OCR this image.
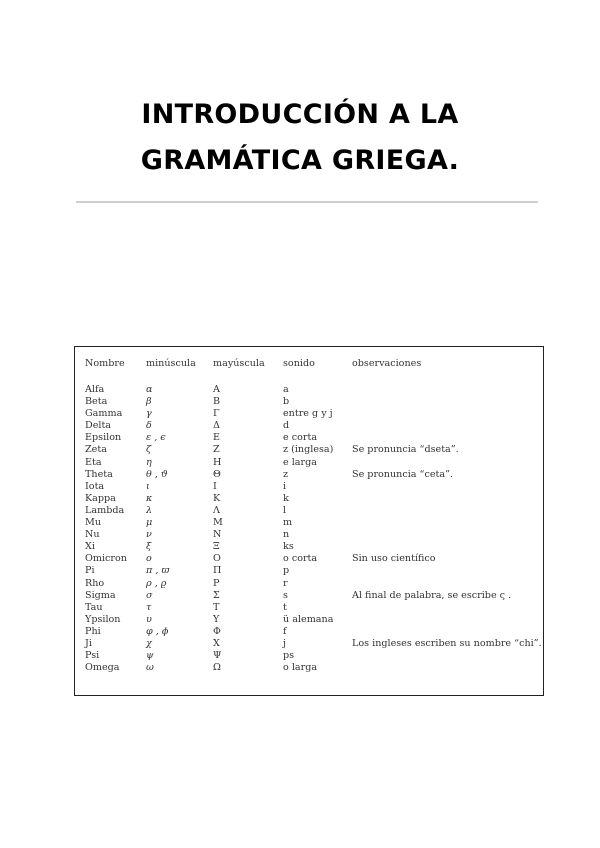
INTRODUCCIÓN A LA
GRAMÁTICA GRIEGA.
Nombre	minúscula	mayúscula	sonido	observaciones

Alfa	α	A	a	
Beta	β	B	b	
Gamma	γ	Γ	entre g y j	
Delta	δ	Δ	d	
Epsilon	ε , ϵ	E	e corta	
Zeta	ζ	Z	z (inglesa)	Se pronuncia “dseta”.
Eta	η	H	e larga	
Theta	θ , ϑ	Θ	z	Se pronuncia “ceta”.
Iota	ι	I	i	
Kappa	κ	K	k	
Lambda	λ	Λ	l	
Mu	μ	M	m	
Nu	ν	N	n	
Xi	ξ	Ξ	ks	
Omicron	o	O	o corta	Sin uso científico
Pi	π , ϖ	Π	p	
Rho	ρ , ϱ	P	r	
Sigma	σ	Σ	s	Al final de palabra, se escribe ς .
Tau	τ	T	t	
Ypsilon	υ	Υ	ü alemana	
Phi	φ , ϕ	Φ	f	
Ji	χ	X	j	Los ingleses escriben su nombre “chi”.
Psi	ψ	Ψ	ps	
Omega	ω	Ω	o larga	
